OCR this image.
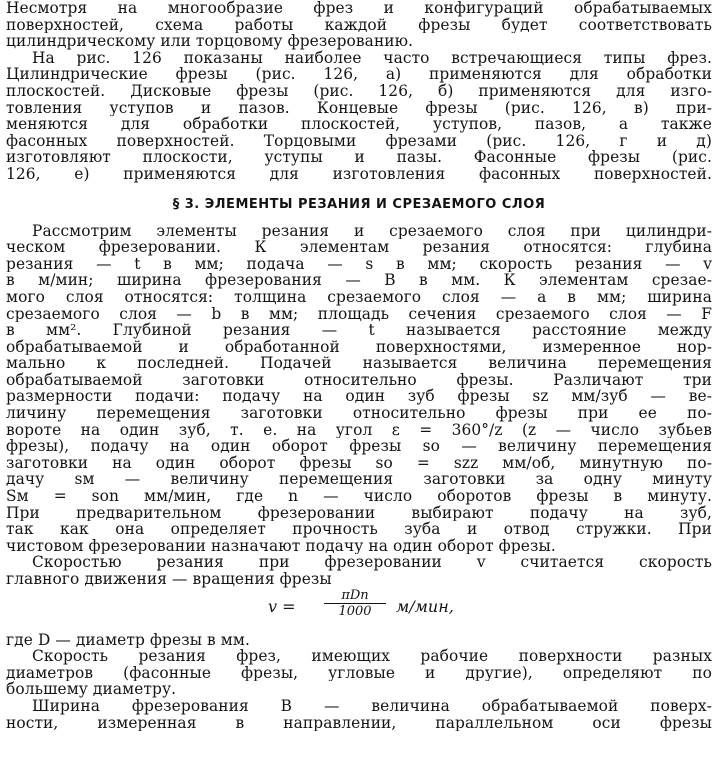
Несмотря на многообразие фрез и конфигураций обрабатываемых

поверхностей, схема работы каждой фрезы будет соответствовать

цилиндрическому или торцовому фрезерованию.

На рис. 126 показаны наиболее часто встречающиеся типы фрез.

Цилиндрические фрезы (рис. 126, а) применяются для обработки

плоскостей. Дисковые фрезы (рис. 126, б) применяются для изго-

товления уступов и пазов. Концевые фрезы (рис. 126, в) при-

меняются для обработки плоскостей, уступов, пазов, а также

фасонных поверхностей. Торцовыми фрезами (рис. 126, г и д)

изготовляют плоскости, уступы и пазы. Фасонные фрезы (рис.

126, е) применяются для изготовления фасонных поверхностей.

§ 3. ЭЛЕМЕНТЫ РЕЗАНИЯ И СРЕЗАЕМОГО СЛОЯ

Рассмотрим элементы резания и срезаемого слоя при цилиндри-

ческом фрезеровании. К элементам резания относятся: глубина

резания — t в мм; подача — s в мм; скорость резания — v

в м/мин; ширина фрезерования — B в мм. К элементам срезае-

мого слоя относятся: толщина срезаемого слоя — a в мм; ширина

срезаемого слоя — b в мм; площадь сечения срезаемого слоя — F

в мм². Глубиной резания — t называется расстояние между

обрабатываемой и обработанной поверхностями, измеренное нор-

мально к последней. Подачей называется величина перемещения

обрабатываемой заготовки относительно фрезы. Различают три

размерности подачи: подачу на один зуб фрезы sz мм/зуб — ве-

личину перемещения заготовки относительно фрезы при ее по-

вороте на один зуб, т. е. на угол ε = 360°/z (z — число зубьев

фрезы), подачу на один оборот фрезы sо — величину перемещения

заготовки на один оборот фрезы sо = szz мм/об, минутную по-

дачу sм — величину перемещения заготовки за одну минуту

Sм = sоn мм/мин, где n — число оборотов фрезы в минуту.

При предварительном фрезеровании выбирают подачу на зуб,

так как она определяет прочность зуба и отвод стружки. При

чистовом фрезеровании назначают подачу на один оборот фрезы.

Скоростью резания при фрезеровании v считается скорость

главного движения — вращения фрезы

v =
πDn
1000	м/мин,

где D — диаметр фрезы в мм.

Скорость резания фрез, имеющих рабочие поверхности разных

диаметров (фасонные фрезы, угловые и другие), определяют по

большему диаметру.

Ширина фрезерования B — величина обрабатываемой поверх-

ности, измеренная в направлении, параллельном оси фрезы
